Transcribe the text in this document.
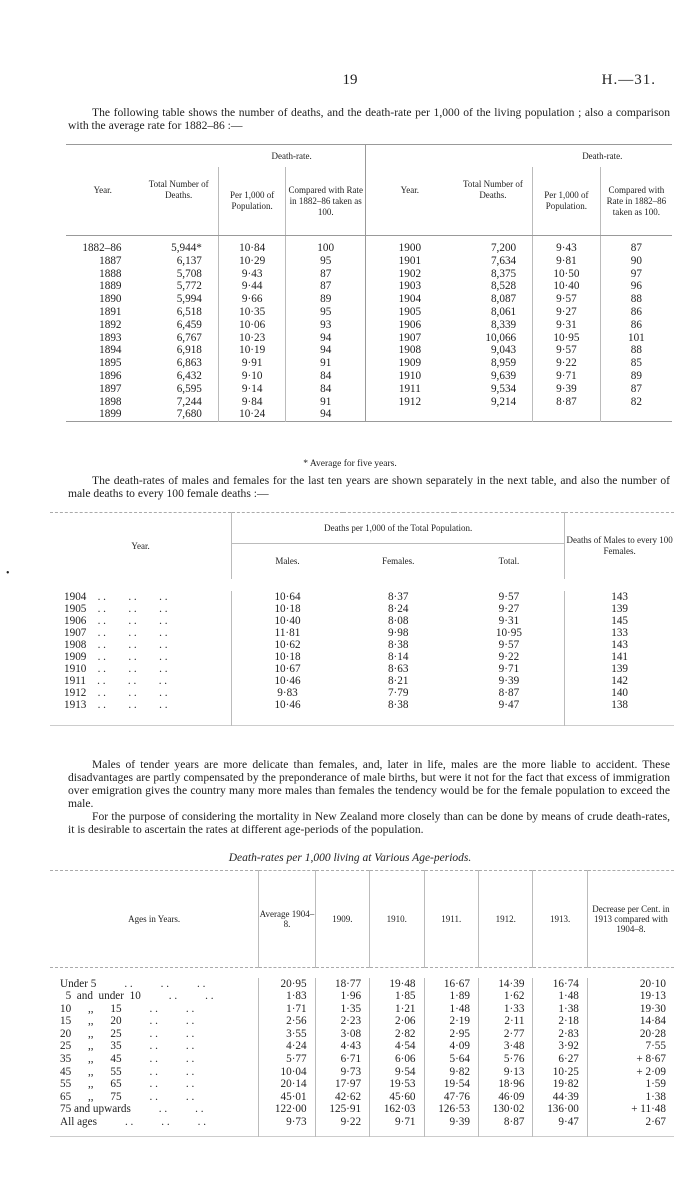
19	H.—31.
The following table shows the number of deaths, and the death-rate per 1,000 of the living population ; also a comparison with the average rate for 1882–86 :—
Year.	Total Number of Deaths.	Death-rate.		Year.	Total Number of Deaths.	Death-rate.	
		Per 1,000 of Population.	Compared with Rate in 1882–86 taken as 100.			Per 1,000 of Population.	Compared with Rate in 1882–86 taken as 100.
1882–86	5,944*	10·84	100	1900	7,200	9·43	87
1887	6,137	10·29	95	1901	7,634	9·81	90
1888	5,708	9·43	87	1902	8,375	10·50	97
1889	5,772	9·44	87	1903	8,528	10·40	96
1890	5,994	9·66	89	1904	8,087	9·57	88
1891	6,518	10·35	95	1905	8,061	9·27	86
1892	6,459	10·06	93	1906	8,339	9·31	86
1893	6,767	10·23	94	1907	10,066	10·95	101
1894	6,918	10·19	94	1908	9,043	9·57	88
1895	6,863	9·91	91	1909	8,959	9·22	85
1896	6,432	9·10	84	1910	9,639	9·71	89
1897	6,595	9·14	84	1911	9,534	9·39	87
1898	7,244	9·84	91	1912	9,214	8·87	82
1899	7,680	10·24	94				
* Average for five years.
The death-rates of males and females for the last ten years are shown separately in the next table, and also the number of male deaths to every 100 female deaths :—
•
Year.	Deaths per 1,000 of the Total Population.			Deaths of Males to every 100 Females.
	Males.	Females.	Total.	

1904 . .        . .        . .	10·64	8·37	9·57	143
1905 . .        . .        . .	10·18	8·24	9·27	139
1906 . .        . .        . .	10·40	8·08	9·31	145
1907 . .        . .        . .	11·81	9·98	10·95	133
1908 . .        . .        . .	10·62	8·38	9·57	143
1909 . .        . .        . .	10·18	8·14	9·22	141
1910 . .        . .        . .	10·67	8·63	9·71	139
1911 . .        . .        . .	10·46	8·21	9·39	142
1912 . .        . .        . .	9·83	7·79	8·87	140
1913 . .        . .        . .	10·46	8·38	9·47	138

Males of tender years are more delicate than females, and, later in life, males are the more liable to accident. These disadvantages are partly compensated by the preponderance of male births, but were it not for the fact that excess of immigration over emigration gives the country many more males than females the tendency would be for the female population to exceed the male.
For the purpose of considering the mortality in New Zealand more closely than can be done by means of crude death-rates, it is desirable to ascertain the rates at different age-periods of the population.
Death-rates per 1,000 living at Various Age-periods.
Ages in Years.	Average 1904–8.	1909.	1910.	1911.	1912.	1913.	Decrease per Cent. in 1913 compared with 1904–8.

Under 5          . .          . .          . .	20·95	18·77	19·48	16·67	14·39	16·74	20·10
5  and  under  10          . .          . .	1·83	1·96	1·85	1·89	1·62	1·48	19·13
10      ,,      15          . .          . .	1·71	1·35	1·21	1·48	1·33	1·38	19·30
15      ,,      20          . .          . .	2·56	2·23	2·06	2·19	2·11	2·18	14·84
20      ,,      25          . .          . .	3·55	3·08	2·82	2·95	2·77	2·83	20·28
25      ,,      35          . .          . .	4·24	4·43	4·54	4·09	3·48	3·92	7·55
35      ,,      45          . .          . .	5·77	6·71	6·06	5·64	5·76	6·27	+ 8·67
45      ,,      55          . .          . .	10·04	9·73	9·54	9·82	9·13	10·25	+ 2·09
55      ,,      65          . .          . .	20·14	17·97	19·53	19·54	18·96	19·82	1·59
65      ,,      75          . .          . .	45·01	42·62	45·60	47·76	46·09	44·39	1·38
75 and upwards          . .          . .	122·00	125·91	162·03	126·53	130·02	136·00	+ 11·48
All ages          . .          . .          . .	9·73	9·22	9·71	9·39	8·87	9·47	2·67
